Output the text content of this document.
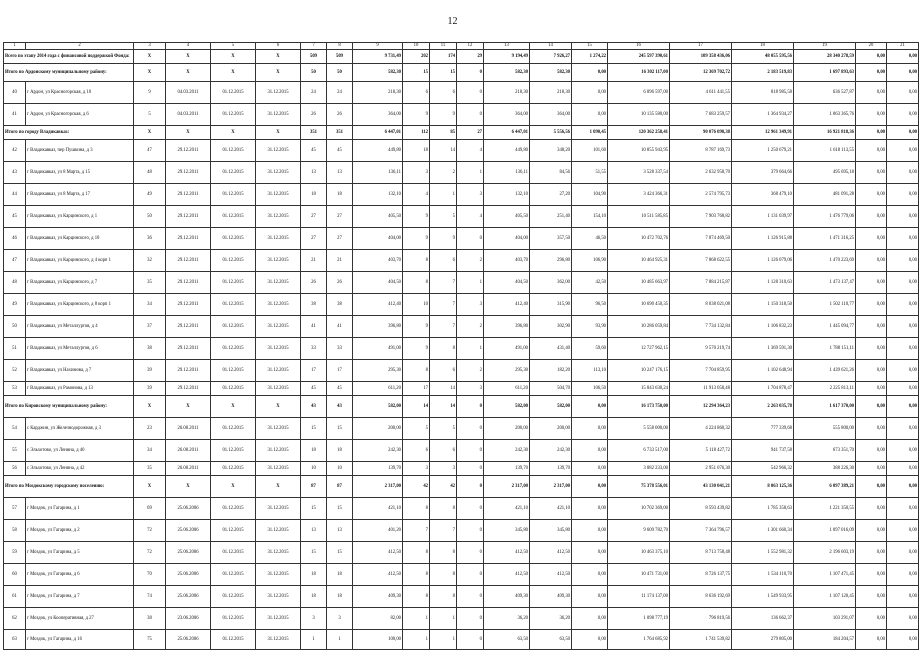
12
1	2	3	4	5	6	7	8	9	10	11	12	13	14	15	16	17	18	19	20	21
Всего по этапу 2014 года с финансовой поддержкой Фонда:		X	X	X	X	509	509	9 731,49	202	174	29	9 194,49	7 926,27	1 274,22	245 597 390,61	109 358 436,06	48 055 595,56	28 340 278,59	0,00	0,00
Итого по Ардонскому муниципальному району:		X	X	X	X	50	50	582,30	15	15	0	582,30	582,30	0,00	16 302 117,00	12 369 702,72	2 183 519,83	1 697 893,63	0,00	0,00
40	г Ардон, ул Красногорская, д 10	9	04.03.2011	01.12.2015	31.12.2015	24	24	218,30	6	6	0	218,30	218,30	0,00	6 096 597,00	4 611 441,55	818 985,58	636 527,87	0,00	0,00
41	г Ардон, ул Красногорская, д 6	5	04.03.2011	01.12.2015	31.12.2015	26	26	364,00	9	9	0	364,00	364,00	0,00	10 135 580,00	7 683 259,57	1 364 934,27	1 063 365,76	0,00	0,00
Итого по городу Владикавказ:		X	X	X	X	351	351	6 447,01	112	85	27	6 447,01	5 556,56	1 090,45	120 362 258,41	90 076 090,38	12 961 349,91	16 921 818,36	0,00	0,00
42	г Владикавказ, пер Пушкина, д 3	47	29.12.2011	01.12.2015	31.12.2015	45	45	449,80	18	14	4	449,80	348,20	101,60	10 855 943,95	8 787 169,73	1 250 679,21	1 618 113,55	0,00	0,00
43	г Владикавказ, ул 8 Марта, д 15	48	29.12.2011	01.12.2015	31.12.2015	13	13	136,11	3	2	1	136,11	84,56	51,55	3 528 337,54	2 632 958,70	379 664,66	495 695,18	0,00	0,00
44	г Владикавказ, ул 8 Марта, д 17	49	29.12.2011	01.12.2015	31.12.2015	18	18	132,10	4	1	3	132,10	27,20	104,90	3 424 366,31	2 574 795,73	368 479,10	481 091,28	0,00	0,00
45	г Владикавказ, ул Карцинского, д 1	50	29.12.2011	01.12.2015	31.12.2015	27	27	405,50	9	5	4	405,50	251,40	154,10	10 511 585,85	7 903 768,82	1 131 039,97	1 476 779,06	0,00	0,00
46	г Владикавказ, ул Карцинского, д 10	36	29.12.2011	01.12.2015	31.12.2015	27	27	404,00	9	9	0	404,00	357,50	46,50	10 472 702,76	7 874 469,50	1 126 915,88	1 471 316,25	0,00	0,00
47	г Владикавказ, ул Карцинского, д 4 корп 1	32	29.12.2011	01.12.2015	31.12.2015	21	21	403,70	8	6	2	403,70	296,80	106,90	10 464 925,31	7 868 622,55	1 126 079,06	1 470 223,69	0,00	0,00
48	г Владикавказ, ул Карцинского, д 7	35	29.12.2011	01.12.2015	31.12.2015	26	26	404,50	8	7	1	404,50	362,00	42,50	10 485 663,97	7 884 215,87	1 128 310,63	1 473 137,47	0,00	0,00
49	г Владикавказ, ул Карцинского, д 8 корп 1	34	29.12.2011	01.12.2015	31.12.2015	38	38	412,40	10	7	3	412,40	315,90	96,50	10 690 450,35	8 038 021,08	1 150 318,50	1 502 110,77	0,00	0,00
50	г Владикавказ, ул Металлургов, д 4	37	29.12.2011	01.12.2015	31.12.2015	41	41	396,80	9	7	2	396,80	302,90	93,90	10 286 059,84	7 734 132,84	1 106 832,23	1 445 094,77	0,00	0,00
51	г Владикавказ, ул Металлургов, д 6	38	29.12.2011	01.12.2015	31.12.2015	33	33	491,00	9	8	1	491,00	431,40	59,60	12 727 962,15	9 570 219,74	1 369 591,30	1 788 151,11	0,00	0,00
52	г Владикавказ, ул Нахимова, д 7	39	29.12.2011	01.12.2015	31.12.2015	17	17	295,30	8	6	2	295,30	182,20	113,10	10 247 176,15	7 704 859,95	1 102 648,94	1 439 621,26	0,00	0,00
53	г Владикавказ, ул Рамонова, д 13	39	29.12.2011	01.12.2015	31.12.2015	45	45	611,20	17	14	3	611,20	504,70	106,50	15 843 630,24	11 913 058,48	1 704 878,47	2 225 813,11	0,00	0,00
Итого по Кировскому муниципальному району:		X	X	X	X	43	43	582,00	14	14	0	582,00	582,00	0,00	16 173 750,00	12 294 364,23	2 263 035,78	1 617 370,00	0,00	0,00
54	с Карджин, ул Железнодорожная, д 3	23	26.08.2011	01.12.2015	31.12.2015	15	15	200,00	5	5	0	200,00	200,00	0,00	5 558 000,00	4 224 860,32	777 339,68	555 800,00	0,00	0,00
55	с Эльхотово, ул Ленина, д 40	34	26.08.2011	01.12.2015	31.12.2015	18	18	242,30	6	6	0	242,30	242,30	0,00	6 733 517,00	5 118 427,72	941 737,58	673 351,70	0,00	0,00
56	с Эльхотово, ул Ленина, д 42	35	26.08.2011	01.12.2015	31.12.2015	10	10	139,70	3	3	0	139,70	139,70	0,00	3 882 233,00	2 951 076,30	542 966,32	388 226,30	0,00	0,00
Итого по Моздокскому городскому поселению:		X	X	X	X	87	87	2 317,00	42	42	0	2 317,00	2 317,00	0,00	75 378 556,01	43 130 041,21	8 063 125,36	6 097 389,21	0,00	0,00
57	г Моздок, ул Гагарина, д 1	69	25.06.2006	01.12.2015	31.12.2015	15	15	421,10	8	8	0	421,10	421,10	0,00	10 702 369,00	8 593 439,82	1 785 358,63	1 221 350,55	0,00	0,00
58	г Моздок, ул Гагарина, д 2	72	25.06.2006	01.12.2015	31.12.2015	13	13	401,20	7	7	0	345,80	345,80	0,00	9 609 782,70	7 364 796,57	1 301 660,34	1 097 016,09	0,00	0,00
59	г Моздок, ул Гагарина, д 5	72	25.06.2006	01.12.2015	31.12.2015	15	15	412,50	8	8	0	412,50	412,50	0,00	10 463 375,10	8 713 758,48	1 552 981,32	2 196 603,19	0,00	0,00
60	г Моздок, ул Гагарина, д 6	70	25.06.2006	01.12.2015	31.12.2015	18	18	412,50	8	8	0	412,50	412,50	0,00	10 471 731,00	8 726 137,75	1 534 110,70	1 107 471,45	0,00	0,00
61	г Моздок, ул Гагарина, д 7	74	25.06.2006	01.12.2015	31.12.2015	18	18	409,30	8	8	0	409,30	409,30	0,00	11 174 137,00	8 636 192,69	1 549 933,95	1 107 120,45	0,00	0,00
62	г Моздок, ул Кооперативная, д 27	38	23.06.2006	01.12.2015	31.12.2015	3	3	82,00	1	1	0	36,20	36,20	0,00	1 098 777,19	796 819,56	136 662,37	103 291,07	0,00	0,00
63	г Моздок, ул Гагарина, д 16	75	25.06.2006	01.12.2015	31.12.2015	1	1	100,00	1	1	0	63,50	63,50	0,00	1 764 685,92	1 741 539,82	279 805,00	184 204,57	0,00	0,00
